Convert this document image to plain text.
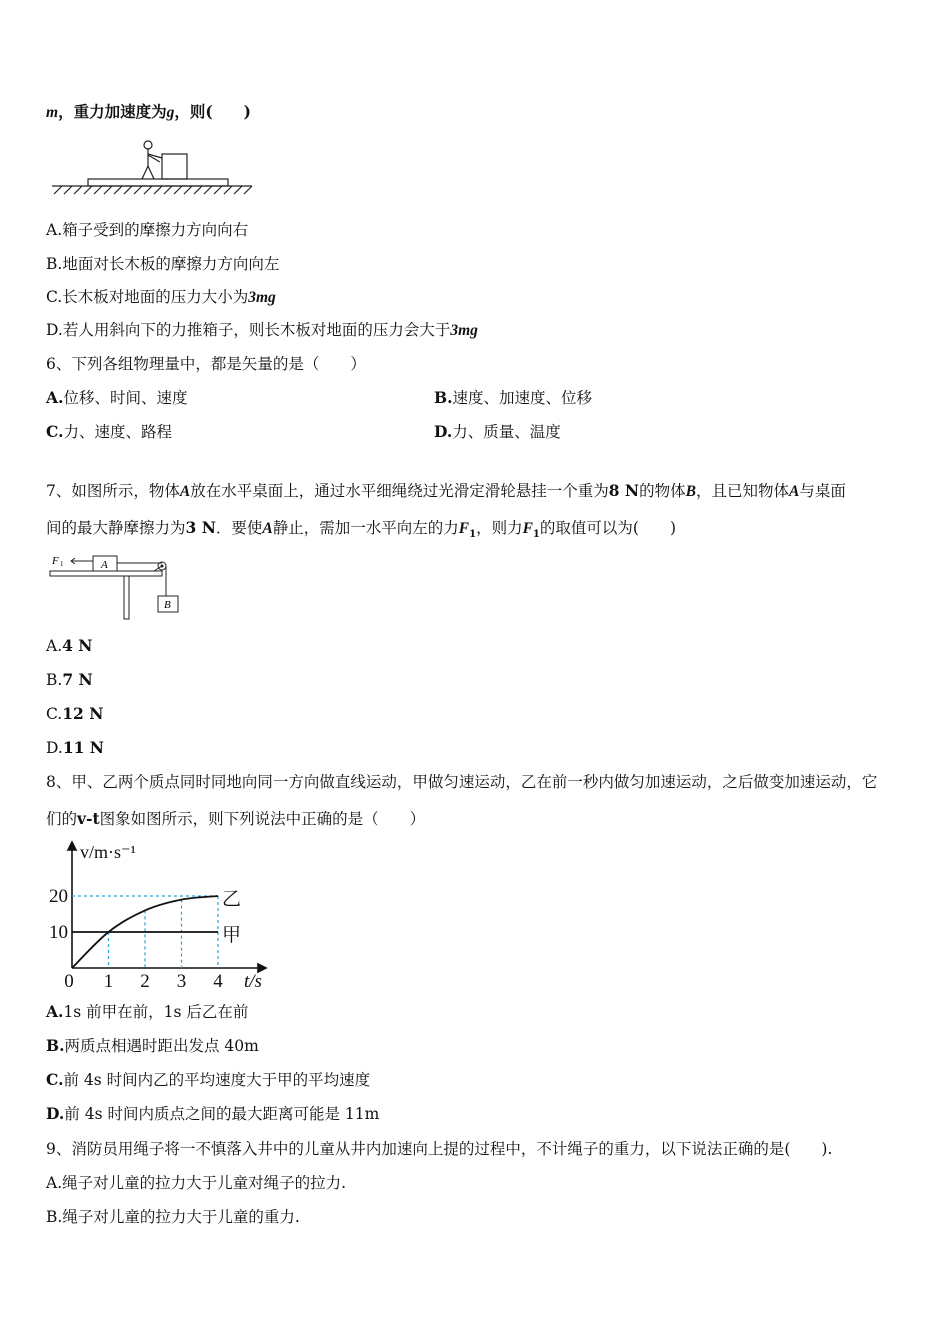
m，重力加速度为g，则(　　)
A.箱子受到的摩擦力方向向右
B.地面对长木板的摩擦力方向向左
C.长木板对地面的压力大小为3mg
D.若人用斜向下的力推箱子，则长木板对地面的压力会大于3mg
6、下列各组物理量中，都是矢量的是（　　）
A.位移、时间、速度	B.速度、加速度、位移
C.力、速度、路程	D.力、质量、温度
7、如图所示，物体A放在水平桌面上，通过水平细绳绕过光滑定滑轮悬挂一个重为8 N的物体B，且已知物体A与桌面
间的最大静摩擦力为3 N．要使A静止，需加一水平向左的力$F_1$，则力$F_1$的取值可以为(　　)
F 1	A
B
A.4 N
B.7 N
C.12 N
D.11 N
8、甲、乙两个质点同时同地向同一方向做直线运动，甲做匀速运动，乙在前一秒内做匀加速运动，之后做变加速运动，它
们的v-t图象如图所示，则下列说法中正确的是（　　）
0 1 2 3 4
10
20
v/m·s⁻¹
t/s
乙
甲
A.1s 前甲在前，1s 后乙在前
B.两质点相遇时距出发点 40m
C.前 4s 时间内乙的平均速度大于甲的平均速度
D.前 4s 时间内质点之间的最大距离可能是 11m
9、消防员用绳子将一不慎落入井中的儿童从井内加速向上提的过程中，不计绳子的重力，以下说法正确的是(　　).
A.绳子对儿童的拉力大于儿童对绳子的拉力.
B.绳子对儿童的拉力大于儿童的重力.
